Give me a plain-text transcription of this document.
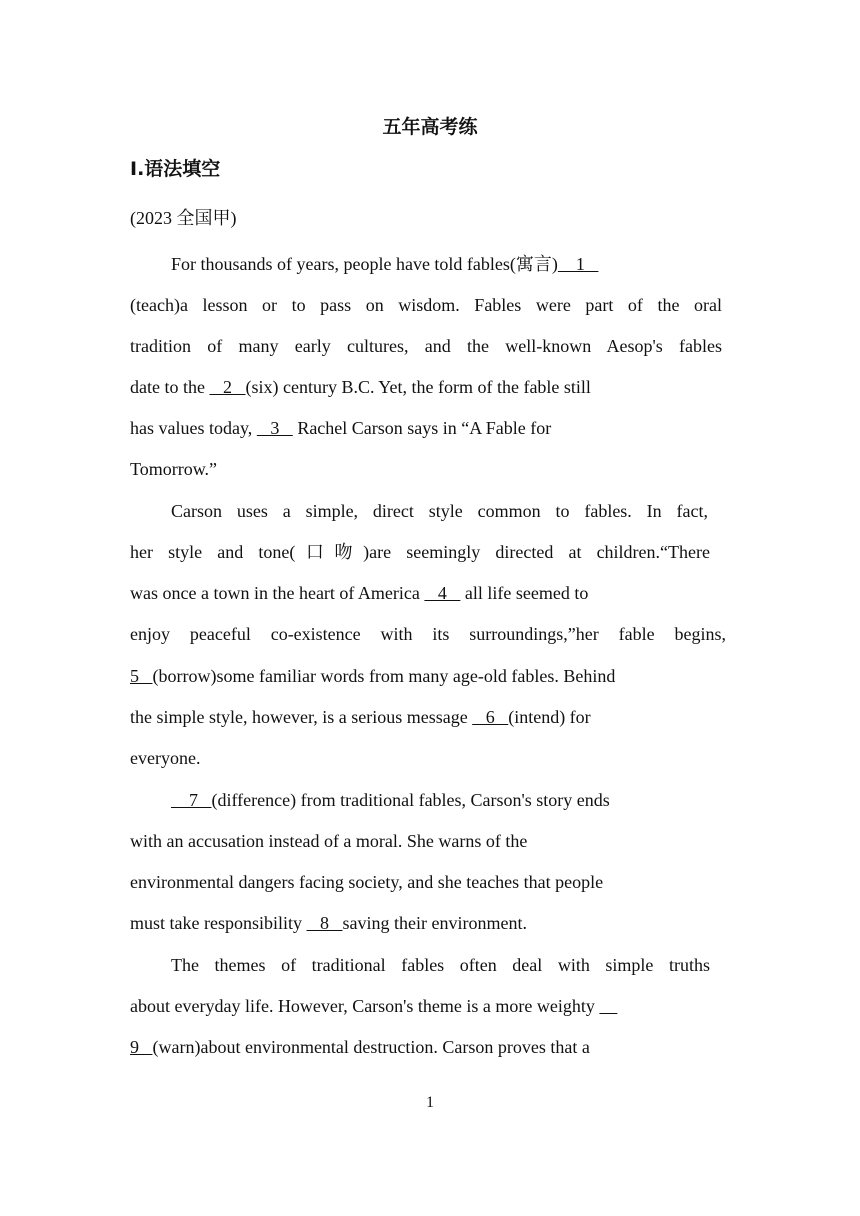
五年高考练
Ⅰ.语法填空
(2023 全国甲)
For thousands of years, people have told fables(寓言)    1
(teach)a lesson or to pass on wisdom. Fables were part of the oral
tradition of many early cultures, and the well-known Aesop's fables
date to the    2   (six) century B.C. Yet, the form of the fable still
has values today,    3    Rachel Carson says in “A Fable for
Tomorrow.”
Carson uses a simple, direct style common to fables. In fact,
her style and tone(口吻)are seemingly directed at children.“There
was once a town in the heart of America    4    all life seemed to
enjoy peaceful co-existence with its surroundings,”her fable begins,
5   (borrow)some familiar words from many age-old fables. Behind
the simple style, however, is a serious message    6   (intend) for
everyone.
7   (difference) from traditional fables, Carson's story ends
with an accusation instead of a moral. She warns of the
environmental dangers facing society, and she teaches that people
must take responsibility    8   saving their environment.
The themes of traditional fables often deal with simple truths
about everyday life. However, Carson's theme is a more weighty
9   (warn)about environmental destruction. Carson proves that a
1
